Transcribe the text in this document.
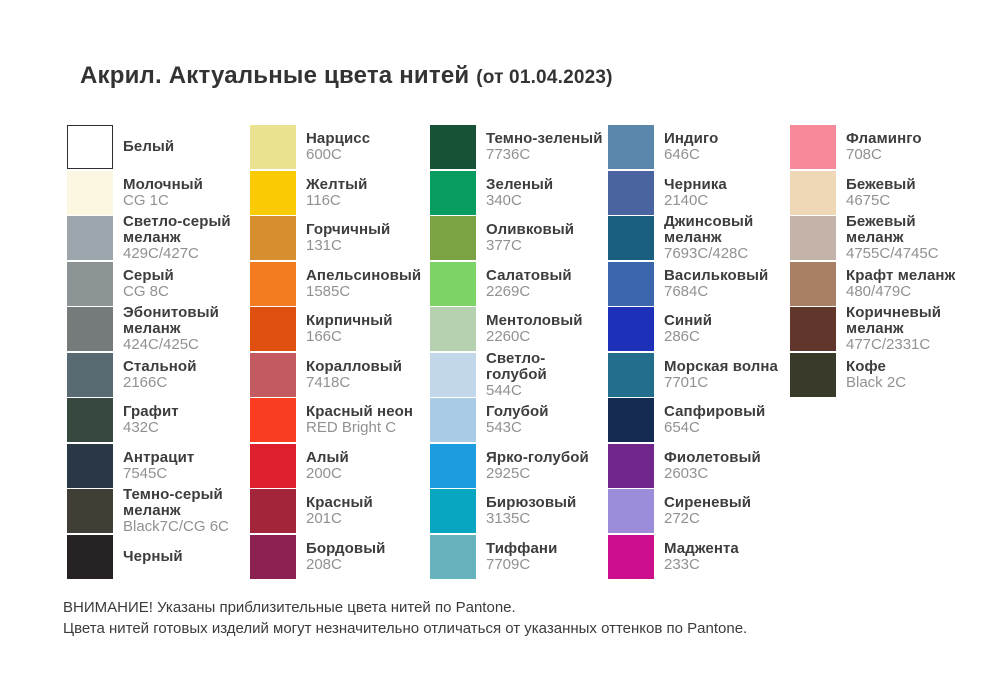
Акрил. Актуальные цвета нитей (от 01.04.2023)
Белый
Молочный
CG 1C
Светло-серый меланж
429C/427C
Серый
CG 8C
Эбонитовый меланж
424C/425C
Стальной
2166C
Графит
432C
Антрацит
7545C
Темно-серый меланж
Black7C/CG 6C
Черный
Нарцисс
600C
Желтый
116C
Горчичный
131C
Апельсиновый
1585C
Кирпичный
166C
Коралловый
7418C
Красный неон
RED Bright C
Алый
200C
Красный
201C
Бордовый
208C
Темно-зеленый
7736C
Зеленый
340C
Оливковый
377C
Салатовый
2269C
Ментоловый
2260C
Светло-голубой
544C
Голубой
543C
Ярко-голубой
2925C
Бирюзовый
3135C
Тиффани
7709C
Индиго
646C
Черника
2140C
Джинсовый меланж
7693C/428C
Васильковый
7684C
Синий
286C
Морская волна
7701C
Сапфировый
654C
Фиолетовый
2603C
Сиреневый
272C
Маджента
233C
Фламинго
708C
Бежевый
4675C
Бежевый меланж
4755C/4745C
Крафт меланж
480/479C
Коричневый меланж
477C/2331C
Кофе
Black 2C

ВНИМАНИЕ! Указаны приблизительные цвета нитей по Pantone.

Цвета нитей готовых изделий могут незначительно отличаться от указанных оттенков по Pantone.
